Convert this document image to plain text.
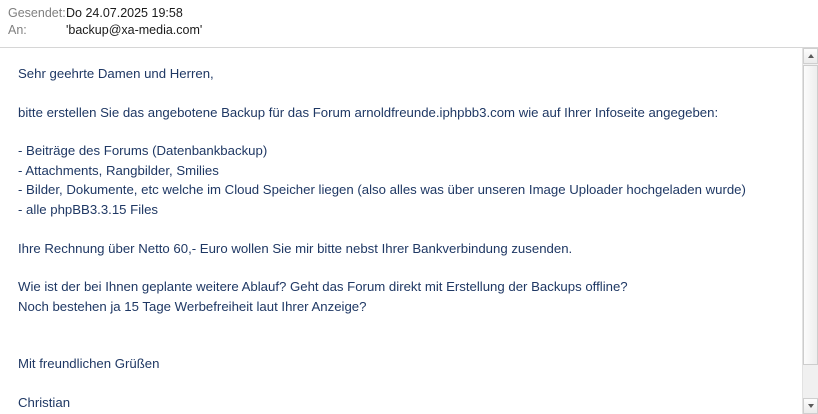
Gesendet: Do 24.07.2025 19:58
An:	'backup@xa-media.com'

Sehr geehrte Damen und Herren,

bitte erstellen Sie das angebotene Backup für das Forum arnoldfreunde.iphpbb3.com wie auf Ihrer Infoseite angegeben:

- Beiträge des Forums (Datenbankbackup)

- Attachments, Rangbilder, Smilies

- Bilder, Dokumente, etc welche im Cloud Speicher liegen (also alles was über unseren Image Uploader hochgeladen wurde)

- alle phpBB3.3.15 Files

Ihre Rechnung über Netto 60,- Euro wollen Sie mir bitte nebst Ihrer Bankverbindung zusenden.

Wie ist der bei Ihnen geplante weitere Ablauf? Geht das Forum direkt mit Erstellung der Backups offline?

Noch bestehen ja 15 Tage Werbefreiheit laut Ihrer Anzeige?

Mit freundlichen Grüßen

Christian
